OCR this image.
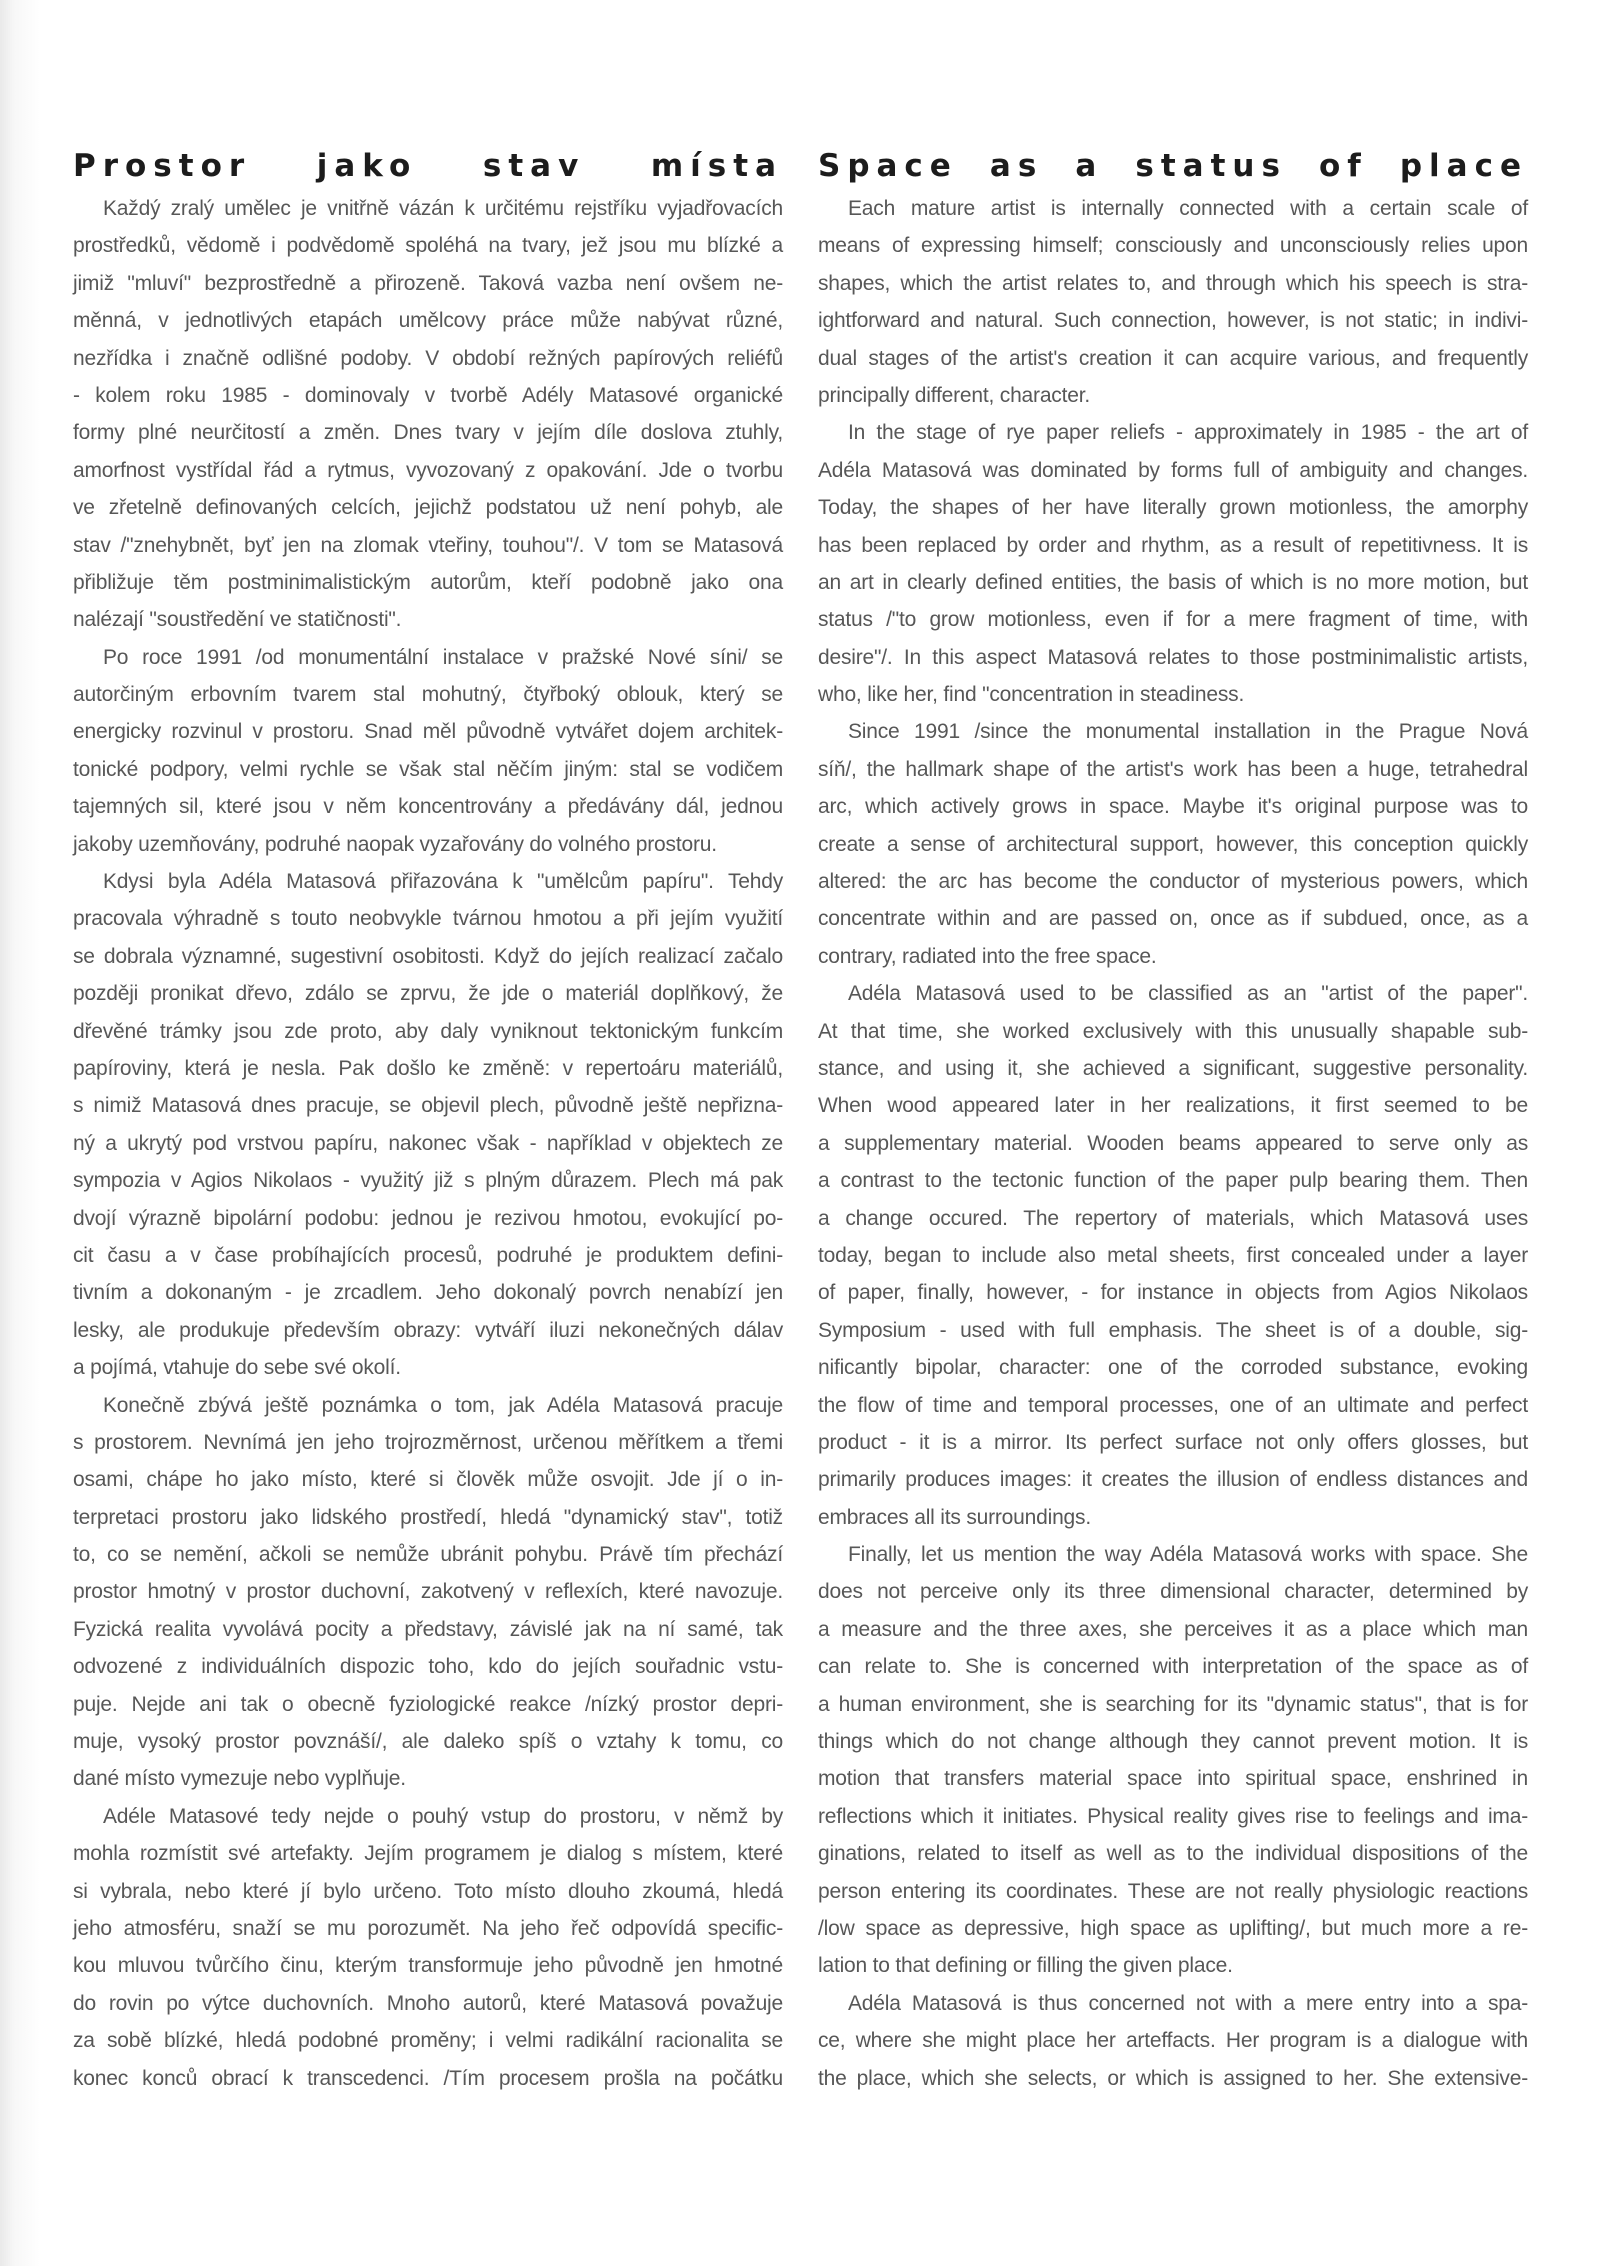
Prostor jako stav místa
Každý zralý umělec je vnitřně vázán k určitému rejstříku vyjadřovacích
prostředků, vědomě i podvědomě spoléhá na tvary, jež jsou mu blízké a
jimiž "mluví" bezprostředně a přirozeně. Taková vazba není ovšem ne-
měnná, v jednotlivých etapách umělcovy práce může nabývat různé,
nezřídka i značně odlišné podoby. V období režných papírových reliéfů
- kolem roku 1985 - dominovaly v tvorbě Adély Matasové organické
formy plné neurčitostí a změn. Dnes tvary v jejím díle doslova ztuhly,
amorfnost vystřídal řád a rytmus, vyvozovaný z opakování. Jde o tvorbu
ve zřetelně definovaných celcích, jejichž podstatou už není pohyb, ale
stav /"znehybnět, byť jen na zlomak vteřiny, touhou"/. V tom se Matasová
přibližuje těm postminimalistickým autorům, kteří podobně jako ona
nalézají "soustředění ve statičnosti".
Po roce 1991 /od monumentální instalace v pražské Nové síni/ se
autorčiným erbovním tvarem stal mohutný, čtyřboký oblouk, který se
energicky rozvinul v prostoru. Snad měl původně vytvářet dojem architek-
tonické podpory, velmi rychle se však stal něčím jiným: stal se vodičem
tajemných sil, které jsou v něm koncentrovány a předávány dál, jednou
jakoby uzemňovány, podruhé naopak vyzařovány do volného prostoru.
Kdysi byla Adéla Matasová přiřazována k "umělcům papíru". Tehdy
pracovala výhradně s touto neobvykle tvárnou hmotou a při jejím využití
se dobrala významné, sugestivní osobitosti. Když do jejích realizací začalo
později pronikat dřevo, zdálo se zprvu, že jde o materiál doplňkový, že
dřevěné trámky jsou zde proto, aby daly vyniknout tektonickým funkcím
papíroviny, která je nesla. Pak došlo ke změně: v repertoáru materiálů,
s nimiž Matasová dnes pracuje, se objevil plech, původně ještě nepřizna-
ný a ukrytý pod vrstvou papíru, nakonec však - například v objektech ze
sympozia v Agios Nikolaos - využitý již s plným důrazem. Plech má pak
dvojí výrazně bipolární podobu: jednou je rezivou hmotou, evokující po-
cit času a v čase probíhajících procesů, podruhé je produktem defini-
tivním a dokonaným - je zrcadlem. Jeho dokonalý povrch nenabízí jen
lesky, ale produkuje především obrazy: vytváří iluzi nekonečných dálav
a pojímá, vtahuje do sebe své okolí.
Konečně zbývá ještě poznámka o tom, jak Adéla Matasová pracuje
s prostorem. Nevnímá jen jeho trojrozměrnost, určenou měřítkem a třemi
osami, chápe ho jako místo, které si člověk může osvojit. Jde jí o in-
terpretaci prostoru jako lidského prostředí, hledá "dynamický stav", totiž
to, co se nemění, ačkoli se nemůže ubránit pohybu. Právě tím přechází
prostor hmotný v prostor duchovní, zakotvený v reflexích, které navozuje.
Fyzická realita vyvolává pocity a představy, závislé jak na ní samé, tak
odvozené z individuálních dispozic toho, kdo do jejích souřadnic vstu-
puje. Nejde ani tak o obecně fyziologické reakce /nízký prostor depri-
muje, vysoký prostor povznáší/, ale daleko spíš o vztahy k tomu, co
dané místo vymezuje nebo vyplňuje.
Adéle Matasové tedy nejde o pouhý vstup do prostoru, v němž by
mohla rozmístit své artefakty. Jejím programem je dialog s místem, které
si vybrala, nebo které jí bylo určeno. Toto místo dlouho zkoumá, hledá
jeho atmosféru, snaží se mu porozumět. Na jeho řeč odpovídá specific-
kou mluvou tvůrčího činu, kterým transformuje jeho původně jen hmotné
do rovin po výtce duchovních. Mnoho autorů, které Matasová považuje
za sobě blízké, hledá podobné proměny; i velmi radikální racionalita se
konec konců obrací k transcedenci. /Tím procesem prošla na počátku
Space as a status of place
Each mature artist is internally connected with a certain scale of
means of expressing himself; consciously and unconsciously relies upon
shapes, which the artist relates to, and through which his speech is stra-
ightforward and natural. Such connection, however, is not static; in indivi-
dual stages of the artist's creation it can acquire various, and frequently
principally different, character.
In the stage of rye paper reliefs - approximately in 1985 - the art of
Adéla Matasová was dominated by forms full of ambiguity and changes.
Today, the shapes of her have literally grown motionless, the amorphy
has been replaced by order and rhythm, as a result of repetitivness. It is
an art in clearly defined entities, the basis of which is no more motion, but
status /"to grow motionless, even if for a mere fragment of time, with
desire"/. In this aspect Matasová relates to those postminimalistic artists,
who, like her, find "concentration in steadiness.
Since 1991 /since the monumental installation in the Prague Nová
síň/, the hallmark shape of the artist's work has been a huge, tetrahedral
arc, which actively grows in space. Maybe it's original purpose was to
create a sense of architectural support, however, this conception quickly
altered: the arc has become the conductor of mysterious powers, which
concentrate within and are passed on, once as if subdued, once, as a
contrary, radiated into the free space.
Adéla Matasová used to be classified as an "artist of the paper".
At that time, she worked exclusively with this unusually shapable sub-
stance, and using it, she achieved a significant, suggestive personality.
When wood appeared later in her realizations, it first seemed to be
a supplementary material. Wooden beams appeared to serve only as
a contrast to the tectonic function of the paper pulp bearing them. Then
a change occured. The repertory of materials, which Matasová uses
today, began to include also metal sheets, first concealed under a layer
of paper, finally, however, - for instance in objects from Agios Nikolaos
Symposium - used with full emphasis. The sheet is of a double, sig-
nificantly bipolar, character: one of the corroded substance, evoking
the flow of time and temporal processes, one of an ultimate and perfect
product - it is a mirror. Its perfect surface not only offers glosses, but
primarily produces images: it creates the illusion of endless distances and
embraces all its surroundings.
Finally, let us mention the way Adéla Matasová works with space. She
does not perceive only its three dimensional character, determined by
a measure and the three axes, she perceives it as a place which man
can relate to. She is concerned with interpretation of the space as of
a human environment, she is searching for its "dynamic status", that is for
things which do not change although they cannot prevent motion. It is
motion that transfers material space into spiritual space, enshrined in
reflections which it initiates. Physical reality gives rise to feelings and ima-
ginations, related to itself as well as to the individual dispositions of the
person entering its coordinates. These are not really physiologic reactions
/low space as depressive, high space as uplifting/, but much more a re-
lation to that defining or filling the given place.
Adéla Matasová is thus concerned not with a mere entry into a spa-
ce, where she might place her arteffacts. Her program is a dialogue with
the place, which she selects, or which is assigned to her. She extensive-
